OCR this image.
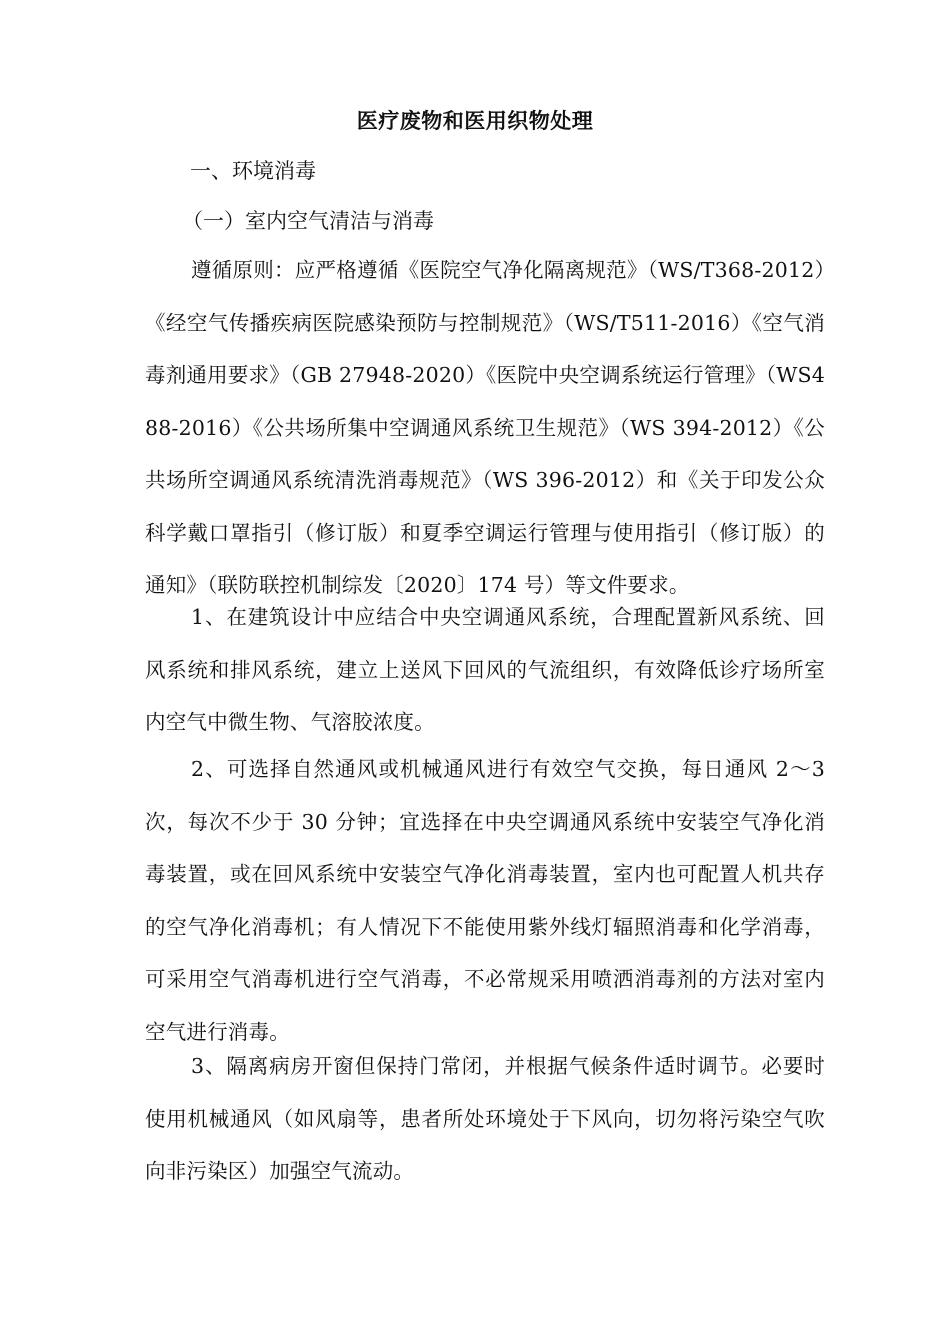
医疗废物和医用织物处理
一、环境消毒
（一）室内空气清洁与消毒
遵循原则：应严格遵循《医院空气净化隔离规范》（WS/T368-2012）《经空气传播疾病医院感染预防与控制规范》（WS/T511-2016）《空气消毒剂通用要求》（GB 27948-2020）《医院中央空调系统运行管理》（WS488-2016）《公共场所集中空调通风系统卫生规范》（WS 394-2012）《公共场所空调通风系统清洗消毒规范》（WS 396-2012）和《关于印发公众科学戴口罩指引（修订版）和夏季空调运行管理与使用指引（修订版）的通知》（联防联控机制综发〔2020〕174 号）等文件要求。
1、在建筑设计中应结合中央空调通风系统，合理配置新风系统、回风系统和排风系统，建立上送风下回风的气流组织，有效降低诊疗场所室内空气中微生物、气溶胶浓度。
2、可选择自然通风或机械通风进行有效空气交换，每日通风 2～3 次，每次不少于 30 分钟；宜选择在中央空调通风系统中安装空气净化消毒装置，或在回风系统中安装空气净化消毒装置，室内也可配置人机共存的空气净化消毒机；有人情况下不能使用紫外线灯辐照消毒和化学消毒，可采用空气消毒机进行空气消毒，不必常规采用喷洒消毒剂的方法对室内空气进行消毒。
3、隔离病房开窗但保持门常闭，并根据气候条件适时调节。必要时使用机械通风（如风扇等，患者所处环境处于下风向，切勿将污染空气吹向非污染区）加强空气流动。
